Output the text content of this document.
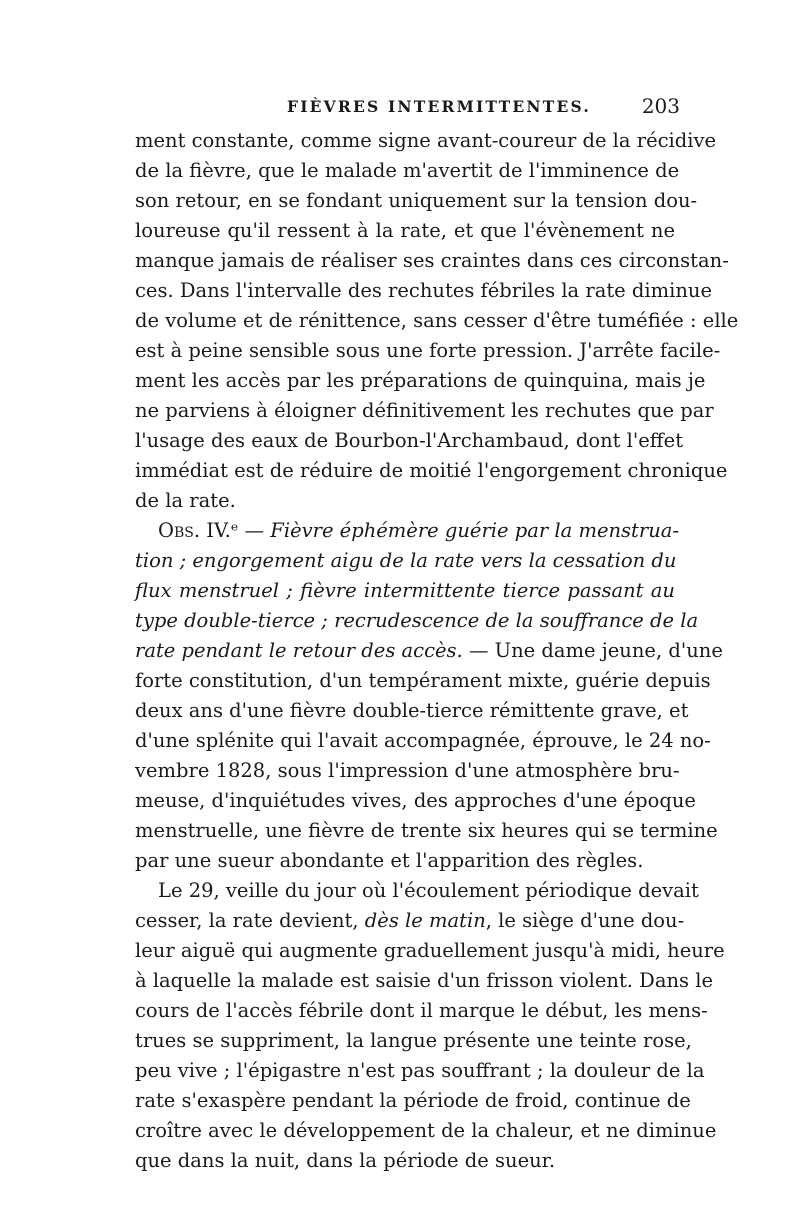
FIÈVRES INTERMITTENTES.	203
ment constante, comme signe avant-coureur de la récidive
de la fièvre, que le malade m'avertit de l'imminence de
son retour, en se fondant uniquement sur la tension dou-
loureuse qu'il ressent à la rate, et que l'évènement ne
manque jamais de réaliser ses craintes dans ces circonstan-
ces. Dans l'intervalle des rechutes fébriles la rate diminue
de volume et de rénittence, sans cesser d'être tuméfiée : elle
est à peine sensible sous une forte pression. J'arrête facile-
ment les accès par les préparations de quinquina, mais je
ne parviens à éloigner définitivement les rechutes que par
l'usage des eaux de Bourbon-l'Archambaud, dont l'effet
immédiat est de réduire de moitié l'engorgement chronique
de la rate.
Obs. IV.ᵉ — Fièvre éphémère guérie par la menstrua-
tion ; engorgement aigu de la rate vers la cessation du
flux menstruel ; fièvre intermittente tierce passant au
type double-tierce ; recrudescence de la souffrance de la
rate pendant le retour des accès. — Une dame jeune, d'une
forte constitution, d'un tempérament mixte, guérie depuis
deux ans d'une fièvre double-tierce rémittente grave, et
d'une splénite qui l'avait accompagnée, éprouve, le 24 no-
vembre 1828, sous l'impression d'une atmosphère bru-
meuse, d'inquiétudes vives, des approches d'une époque
menstruelle, une fièvre de trente six heures qui se termine
par une sueur abondante et l'apparition des règles.
Le 29, veille du jour où l'écoulement périodique devait
cesser, la rate devient, dès le matin, le siège d'une dou-
leur aiguë qui augmente graduellement jusqu'à midi, heure
à laquelle la malade est saisie d'un frisson violent. Dans le
cours de l'accès fébrile dont il marque le début, les mens-
trues se suppriment, la langue présente une teinte rose,
peu vive ; l'épigastre n'est pas souffrant ; la douleur de la
rate s'exaspère pendant la période de froid, continue de
croître avec le développement de la chaleur, et ne diminue
que dans la nuit, dans la période de sueur.
